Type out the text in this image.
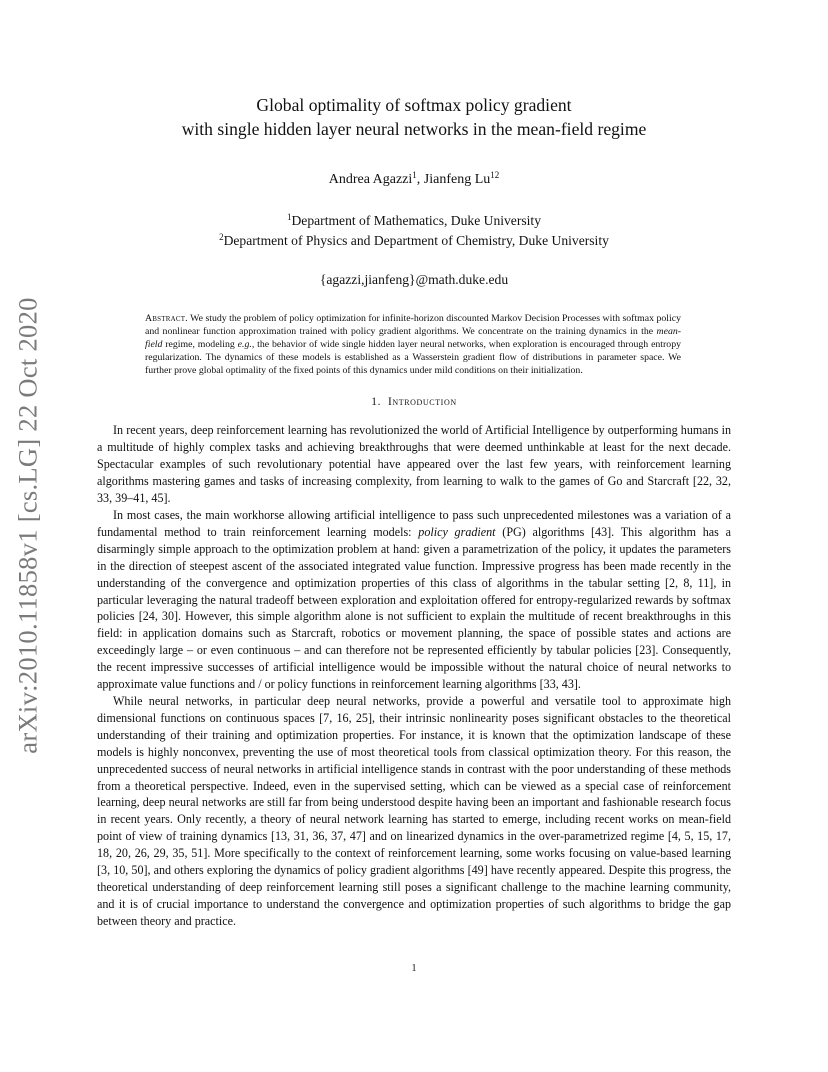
arXiv:2010.11858v1 [cs.LG] 22 Oct 2020
Global optimality of softmax policy gradient
with single hidden layer neural networks in the mean-field regime
Andrea Agazzi$^1$, Jianfeng Lu$^{12}$
$^1$Department of Mathematics, Duke University
$^2$Department of Physics and Department of Chemistry, Duke University
{agazzi,jianfeng}@math.duke.edu
Abstract. We study the problem of policy optimization for infinite-horizon discounted Markov Decision Processes with softmax policy and nonlinear function approximation trained with policy gradient algorithms. We concentrate on the training dynamics in the mean-field regime, modeling e.g., the behavior of wide single hidden layer neural networks, when exploration is encouraged through entropy regularization. The dynamics of these models is established as a Wasserstein gradient flow of distributions in parameter space. We further prove global optimality of the fixed points of this dynamics under mild conditions on their initialization.
1. Introduction

In recent years, deep reinforcement learning has revolutionized the world of Artificial Intelligence by outperforming humans in a multitude of highly complex tasks and achieving breakthroughs that were deemed unthinkable at least for the next decade. Spectacular examples of such revolutionary potential have appeared over the last few years, with reinforcement learning algorithms mastering games and tasks of increasing complexity, from learning to walk to the games of Go and Starcraft [22, 32, 33, 39–41, 45].

In most cases, the main workhorse allowing artificial intelligence to pass such unprecedented milestones was a variation of a fundamental method to train reinforcement learning models: policy gradient (PG) algorithms [43]. This algorithm has a disarmingly simple approach to the optimization problem at hand: given a parametrization of the policy, it updates the parameters in the direction of steepest ascent of the associated integrated value function. Impressive progress has been made recently in the understanding of the convergence and optimization properties of this class of algorithms in the tabular setting [2, 8, 11], in particular leveraging the natural tradeoff between exploration and exploitation offered for entropy-regularized rewards by softmax policies [24, 30]. However, this simple algorithm alone is not sufficient to explain the multitude of recent breakthroughs in this field: in application domains such as Starcraft, robotics or movement planning, the space of possible states and actions are exceedingly large – or even continuous – and can therefore not be represented efficiently by tabular policies [23]. Consequently, the recent impressive successes of artificial intelligence would be impossible without the natural choice of neural networks to approximate value functions and / or policy functions in reinforcement learning algorithms [33, 43].

While neural networks, in particular deep neural networks, provide a powerful and versatile tool to approximate high dimensional functions on continuous spaces [7, 16, 25], their intrinsic nonlinearity poses significant obstacles to the theoretical understanding of their training and optimization properties. For instance, it is known that the optimization landscape of these models is highly nonconvex, preventing the use of most theoretical tools from classical optimization theory. For this reason, the unprecedented success of neural networks in artificial intelligence stands in contrast with the poor understanding of these methods from a theoretical perspective. Indeed, even in the supervised setting, which can be viewed as a special case of reinforcement learning, deep neural networks are still far from being understood despite having been an important and fashionable research focus in recent years. Only recently, a theory of neural network learning has started to emerge, including recent works on mean-field point of view of training dynamics [13, 31, 36, 37, 47] and on linearized dynamics in the over-parametrized regime [4, 5, 15, 17, 18, 20, 26, 29, 35, 51]. More specifically to the context of reinforcement learning, some works focusing on value-based learning [3, 10, 50], and others exploring the dynamics of policy gradient algorithms [49] have recently appeared. Despite this progress, the theoretical understanding of deep reinforcement learning still poses a significant challenge to the machine learning community, and it is of crucial importance to understand the convergence and optimization properties of such algorithms to bridge the gap between theory and practice.

1
